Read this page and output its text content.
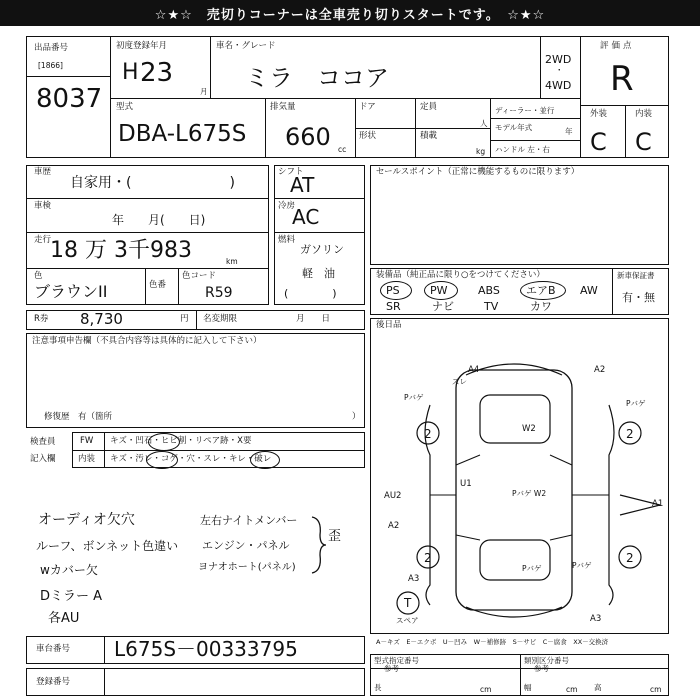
☆★☆　売切りコーナーは全車売り切りスタートです。　☆★☆
出品番号
[1866]
8037
初度登録年月
H 23
月
車名・グレード
ミラ　ココア
2WD
・
4WD
評価点
R
型式
DBA-L675S
排気量
660 cc
ドア
形状
定員
人
積載
kg
ディーラー・並行
モデル年式	年
ハンドル 左・右
外装	内装
C C
車歴
自家用・(　　　　　　　)
車検
年　　月(　　日)
走行
18 万 3千983	km
色
ブラウンII	色番
色コード
R59
シフト
AT
冷房
AC
燃料
ガソリン
軽　油
(　　　　)
セールスポイント（正常に機能するものに限ります）
装備品（純正品に限り○をつけてください）
PS	PW	ABS エアB AW
SR	ナビ	TV	カワ
新車保証書
有・無
R券 8,730	円 名変期限	月　　日
後日品
注意事項申告欄（不具合内容等は具体的に記入して下さい）
修復歴　有（箇所	）
検査員
記入欄
FW キズ・凹石・ヒビ割・リペア跡・X要
内装 キズ・汚レ・コゲ・穴・スレ・キレ・破レ
オーディオ欠穴
ルーフ、ボンネット色違い
wカバー欠
Dミラー A
各AU
左右ナイトメンバー
エンジン・パネル
ヨナオホート(パネル)
歪
2	2
2	2
A4
ズレ
A2
Pバゲ
Pバゲ
W2
U1
Pバゲ W2
AU2
A2
A1
Pバゲ
A3
A3
Pバゲ
T
スペア
A－キズ　E－エクボ　U－凹み　W－補修跡　S－サビ　C－腐食　XX－交換済
車台番号 L675S－00333795
登録番号
型式指定番号
参考
類別区分番号
参考
長	cm	幅	cm 高	cm
